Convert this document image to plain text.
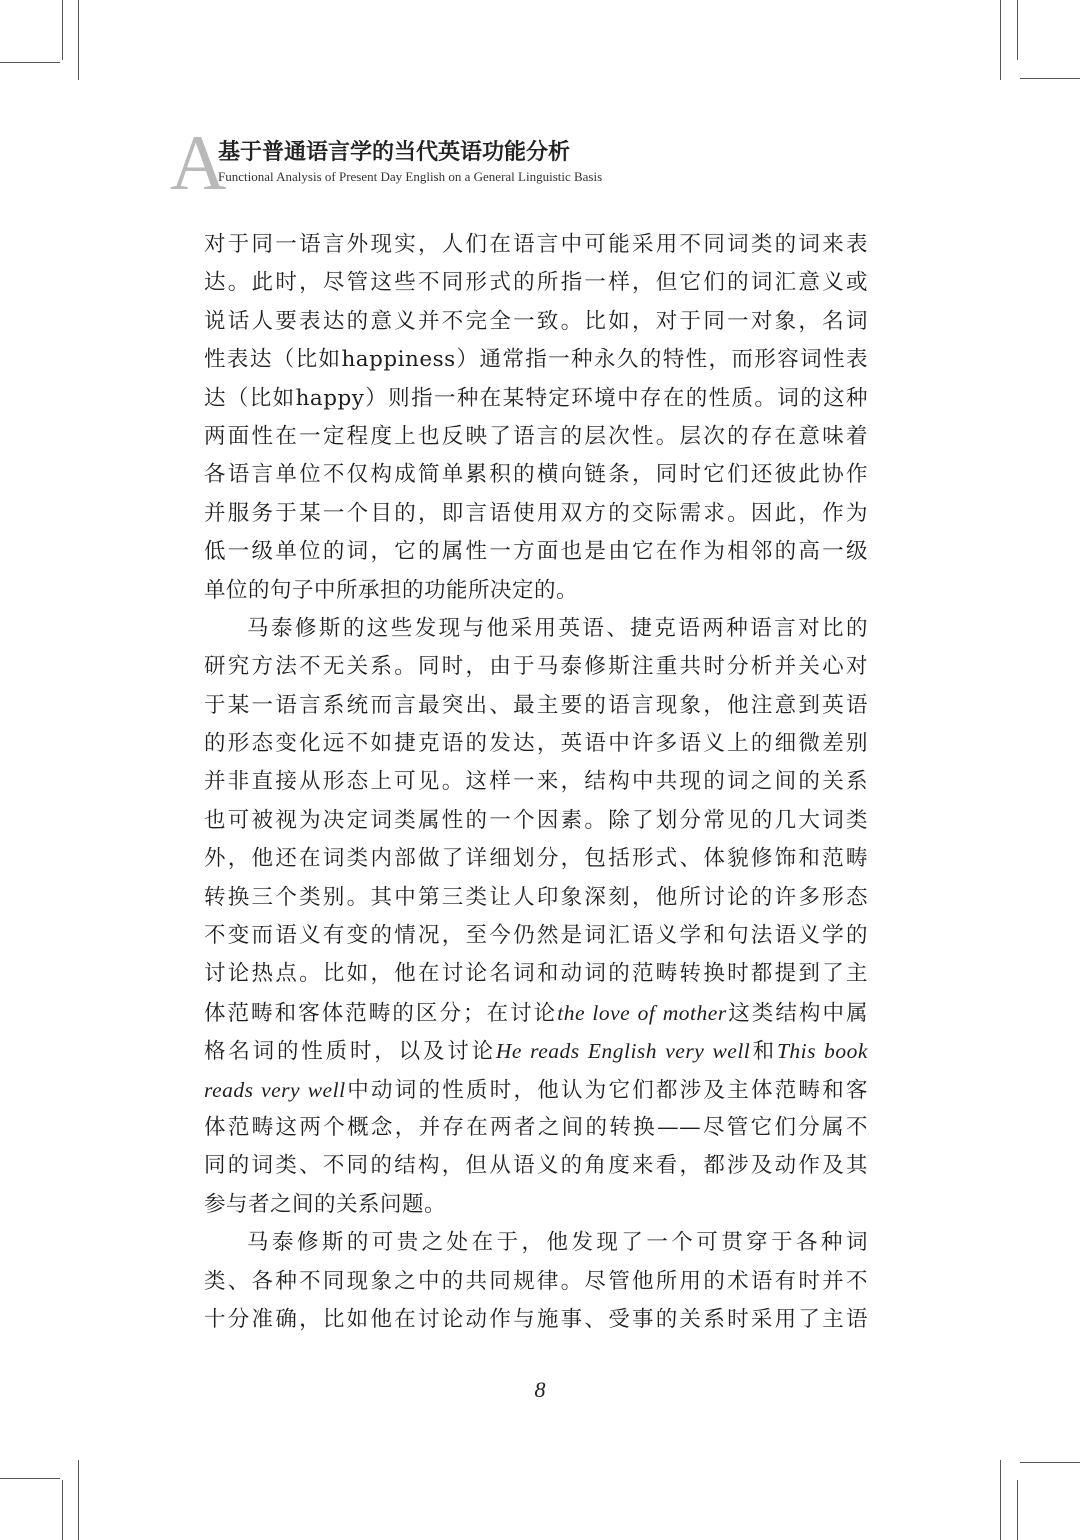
A
基于普通语言学的当代英语功能分析
Functional Analysis of Present Day English on a General Linguistic Basis
对于同一语言外现实，人们在语言中可能采用不同词类的词来表
达。此时，尽管这些不同形式的所指一样，但它们的词汇意义或
说话人要表达的意义并不完全一致。比如，对于同一对象，名词
性表达（比如happiness）通常指一种永久的特性，而形容词性表
达（比如happy）则指一种在某特定环境中存在的性质。词的这种
两面性在一定程度上也反映了语言的层次性。层次的存在意味着
各语言单位不仅构成简单累积的横向链条，同时它们还彼此协作
并服务于某一个目的，即言语使用双方的交际需求。因此，作为
低一级单位的词，它的属性一方面也是由它在作为相邻的高一级
单位的句子中所承担的功能所决定的。
马泰修斯的这些发现与他采用英语、捷克语两种语言对比的
研究方法不无关系。同时，由于马泰修斯注重共时分析并关心对
于某一语言系统而言最突出、最主要的语言现象，他注意到英语
的形态变化远不如捷克语的发达，英语中许多语义上的细微差别
并非直接从形态上可见。这样一来，结构中共现的词之间的关系
也可被视为决定词类属性的一个因素。除了划分常见的几大词类
外，他还在词类内部做了详细划分，包括形式、体貌修饰和范畴
转换三个类别。其中第三类让人印象深刻，他所讨论的许多形态
不变而语义有变的情况，至今仍然是词汇语义学和句法语义学的
讨论热点。比如，他在讨论名词和动词的范畴转换时都提到了主
体范畴和客体范畴的区分；在讨论the love of mother这类结构中属
格名词的性质时，以及讨论He reads English very well和This book
reads very well中动词的性质时，他认为它们都涉及主体范畴和客
体范畴这两个概念，并存在两者之间的转换——尽管它们分属不
同的词类、不同的结构，但从语义的角度来看，都涉及动作及其
参与者之间的关系问题。
马泰修斯的可贵之处在于，他发现了一个可贯穿于各种词
类、各种不同现象之中的共同规律。尽管他所用的术语有时并不
十分准确，比如他在讨论动作与施事、受事的关系时采用了主语
8
